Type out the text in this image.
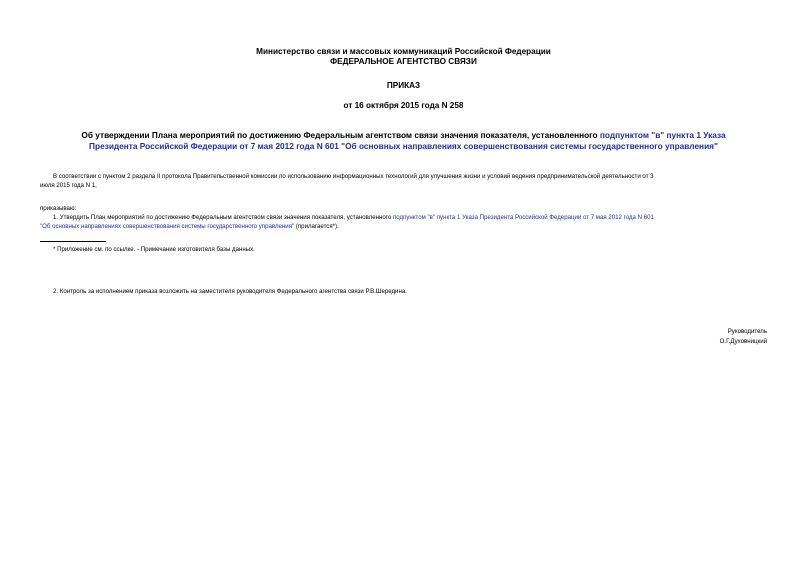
Министерство связи и массовых коммуникаций Российской Федерации
ФЕДЕРАЛЬНОЕ АГЕНТСТВО СВЯЗИ
ПРИКАЗ
от 16 октября 2015 года N 258
Об утверждении Плана мероприятий по достижению Федеральным агентством связи значения показателя, установленного подпунктом "в" пункта 1 Указа
Президента Российской Федерации от 7 мая 2012 года N 601 "Об основных направлениях совершенствования системы государственного управления"
В соответствии с пунктом 2 раздела II протокола Правительственной комиссии по использованию информационных технологий для улучшения жизни и условий ведения предпринимательской деятельности от 3
июля 2015 года N 1,
приказываю:
1. Утвердить План мероприятий по достижению Федеральным агентством связи значения показателя, установленного подпунктом "в" пункта 1 Указа Президента Российской Федерации от 7 мая 2012 года N 601
"Об основных направлениях совершенствования системы государственного управления" (прилагается*).
* Приложение см. по ссылке. - Примечание изготовителя базы данных.
2. Контроль за исполнением приказа возложить на заместителя руководителя Федерального агентства связи Р.В.Шередина.
Руководитель
О.Г.Духовницкий
